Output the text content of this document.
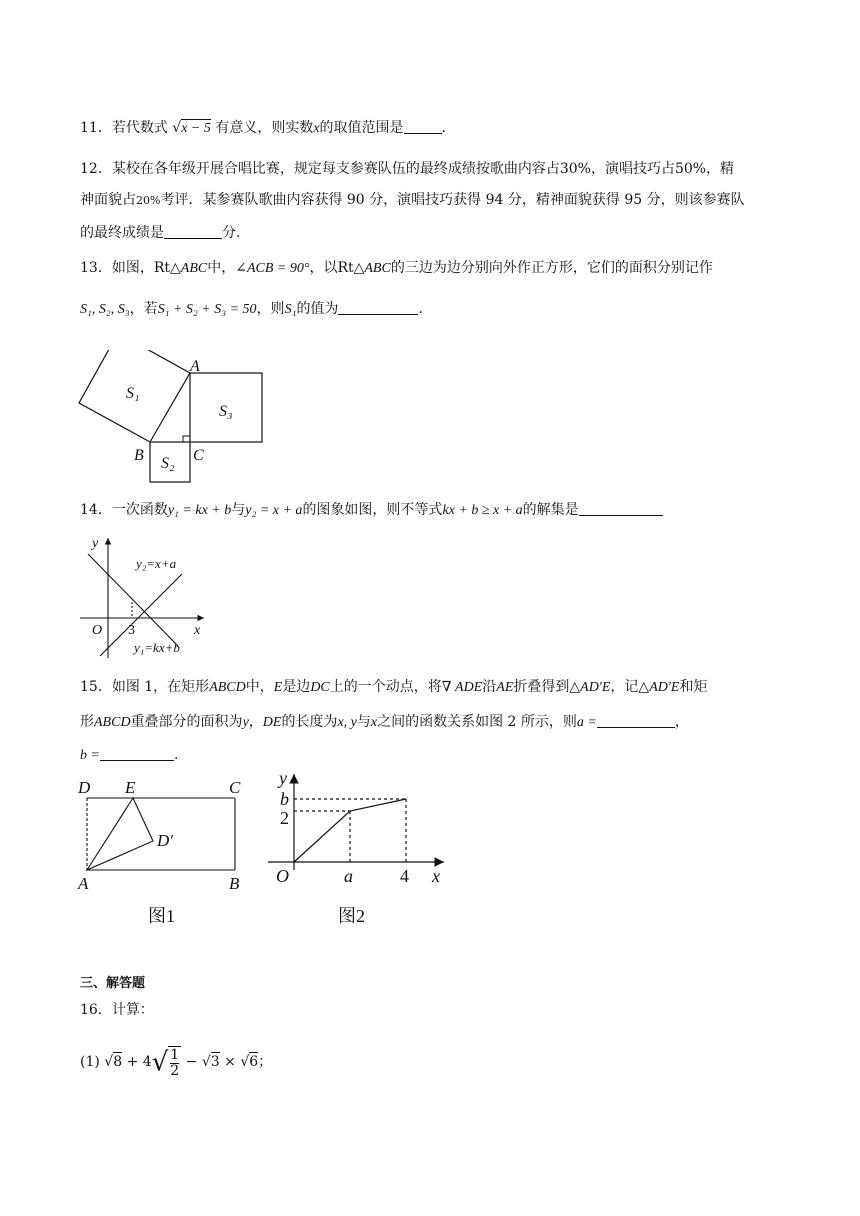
11．若代数式 √x − 5 有意义，则实数x的取值范围是	.
12．某校在各年级开展合唱比赛，规定每支参赛队伍的最终成绩按歌曲内容占30%，演唱技巧占50%，精
神面貌占20%考评．某参赛队歌曲内容获得 90 分，演唱技巧获得 94 分，精神面貌获得 95 分，则该参赛队
的最终成绩是	分．
13．如图，Rt△ABC中，∠ACB = 90°，以Rt△ABC的三边为边分别向外作正方形，它们的面积分别记作
S₁, S₂, S₃，若S₁ + S₂ + S₃ = 50，则S₁的值为	.
S₁
S₃
S₂
A
B	C
14．一次函数y₁ = kx + b与y₂ = x + a的图象如图，则不等式kx + b ≥ x + a的解集是
y
x
O 3
y₂=x+a
y₁=kx+b
15．如图 1，在矩形ABCD中，E是边DC上的一个动点，将∇ ADE沿AE折叠得到△AD′E，记△AD′E和矩
形ABCD重叠部分的面积为y，DE的长度为x, y与x之间的函数关系如图 2 所示，则a =	，
b =	.
D E	C
D′
A	B
图1
y
b
2
O	a	4 x
图2
三、解答题
16．计算：
(1) $√8 + 4√ \frac{1}{2} - √3 \times √6$；
